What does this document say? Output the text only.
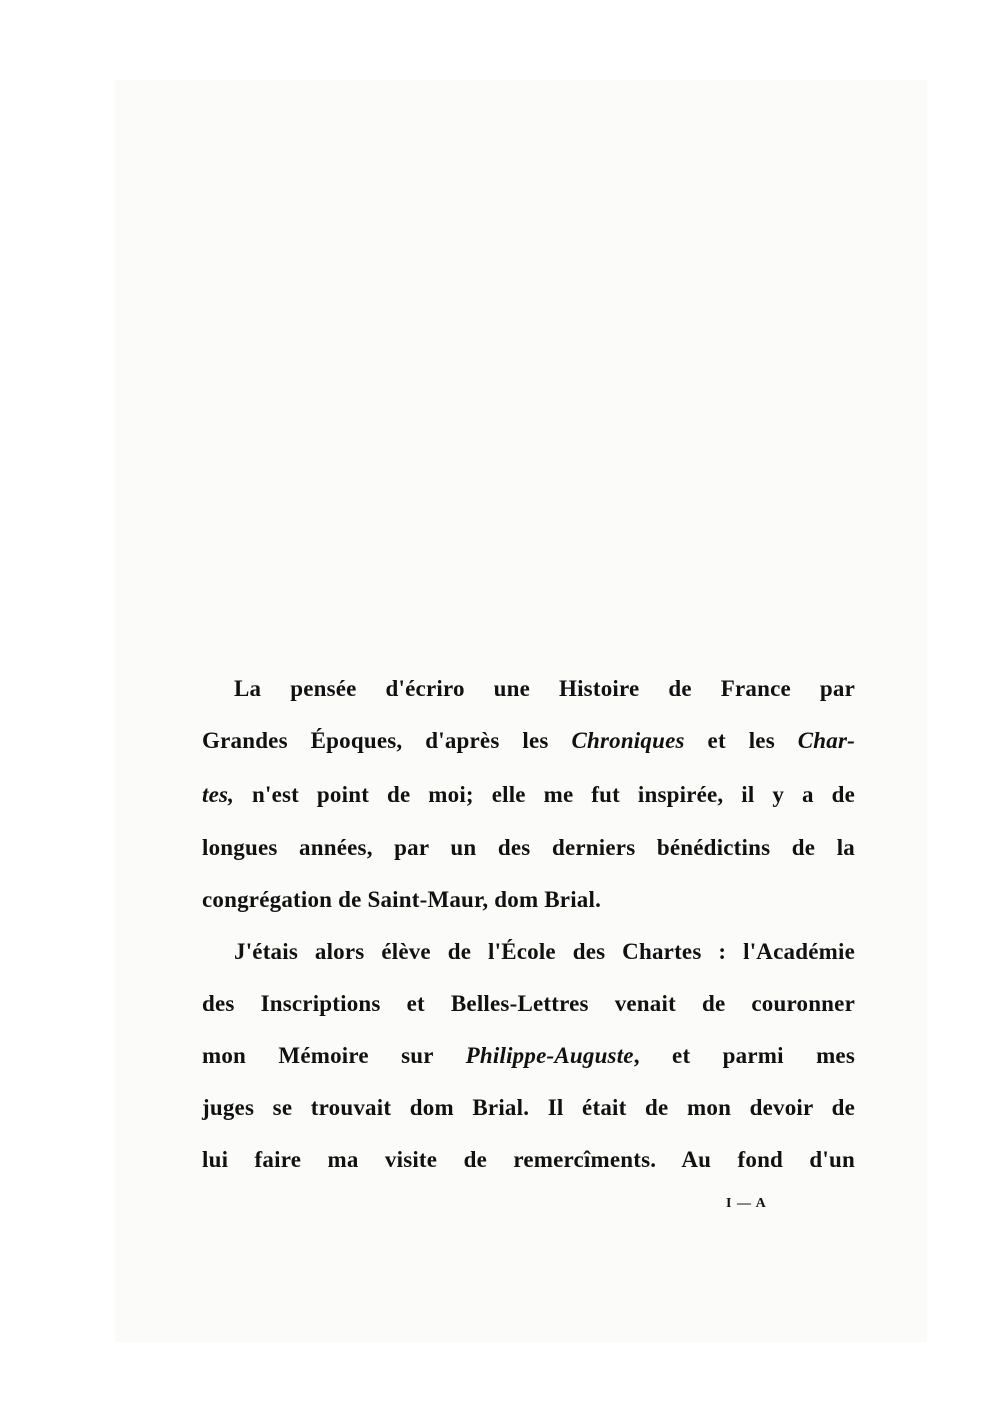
La pensée d'écriro une Histoire de France par
Grandes Époques, d'après les Chroniques et les Char-
tes, n'est point de moi; elle me fut inspirée, il y a de
longues années, par un des derniers bénédictins de la
congrégation de Saint-Maur, dom Brial.
J'étais alors élève de l'École des Chartes : l'Académie
des Inscriptions et Belles-Lettres venait de couronner
mon Mémoire sur Philippe-Auguste, et parmi mes
juges se trouvait dom Brial. Il était de mon devoir de
lui faire ma visite de remercîments. Au fond d'un
I — A
